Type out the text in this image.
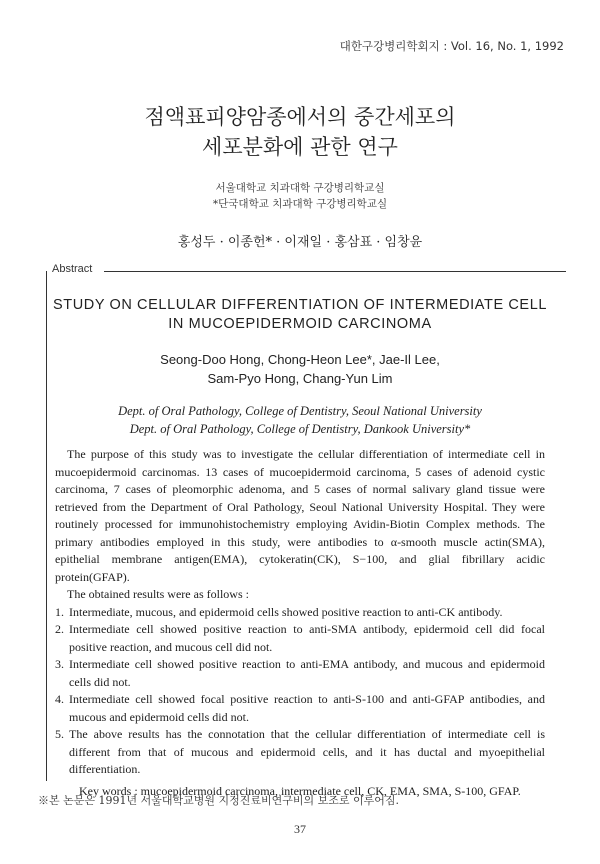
대한구강병리학회지 : Vol. 16, No. 1, 1992
점액표피양암종에서의 중간세포의
세포분화에 관한 연구
서울대학교 치과대학 구강병리학교실
*단국대학교 치과대학 구강병리학교실
홍성두 · 이종헌* · 이재일 · 홍삼표 · 임창윤
Abstract
STUDY ON CELLULAR DIFFERENTIATION OF INTERMEDIATE CELL
IN MUCOEPIDERMOID CARCINOMA
Seong-Doo Hong, Chong-Heon Lee*, Jae-Il Lee,
Sam-Pyo Hong, Chang-Yun Lim
Dept. of Oral Pathology, College of Dentistry, Seoul National University
Dept. of Oral Pathology, College of Dentistry, Dankook University*

The purpose of this study was to investigate the cellular differentiation of intermediate cell in mucoepidermoid carcinomas. 13 cases of mucoepidermoid carcinoma, 5 cases of adenoid cystic carcinoma, 7 cases of pleomorphic adenoma, and 5 cases of normal salivary gland tissue were retrieved from the Department of Oral Pathology, Seoul National University Hospital. They were routinely processed for immunohistochemistry employing Avidin-Biotin Complex methods. The primary antibodies employed in this study, were antibodies to α-smooth muscle actin(SMA), epithelial membrane antigen(EMA), cytokeratin(CK), S−100, and glial fibrillary acidic protein(GFAP).

The obtained results were as follows :
1. Intermediate, mucous, and epidermoid cells showed positive reaction to anti-CK antibody.
2. Intermediate cell showed positive reaction to anti-SMA antibody, epidermoid cell did focal positive reaction, and mucous cell did not.
3. Intermediate cell showed positive reaction to anti-EMA antibody, and mucous and epidermoid cells did not.
4. Intermediate cell showed focal positive reaction to anti-S-100 and anti-GFAP antibodies, and mucous and epidermoid cells did not.
5. The above results has the connotation that the cellular differentiation of intermediate cell is different from that of mucous and epidermoid cells, and it has ductal and myoepithelial differentiation.
Key words : mucoepidermoid carcinoma, intermediate cell, CK, EMA, SMA, S-100, GFAP.
※본 논문은 1991년 서울대학교병원 지정진료비연구비의 보조로 이루어짐.
37
